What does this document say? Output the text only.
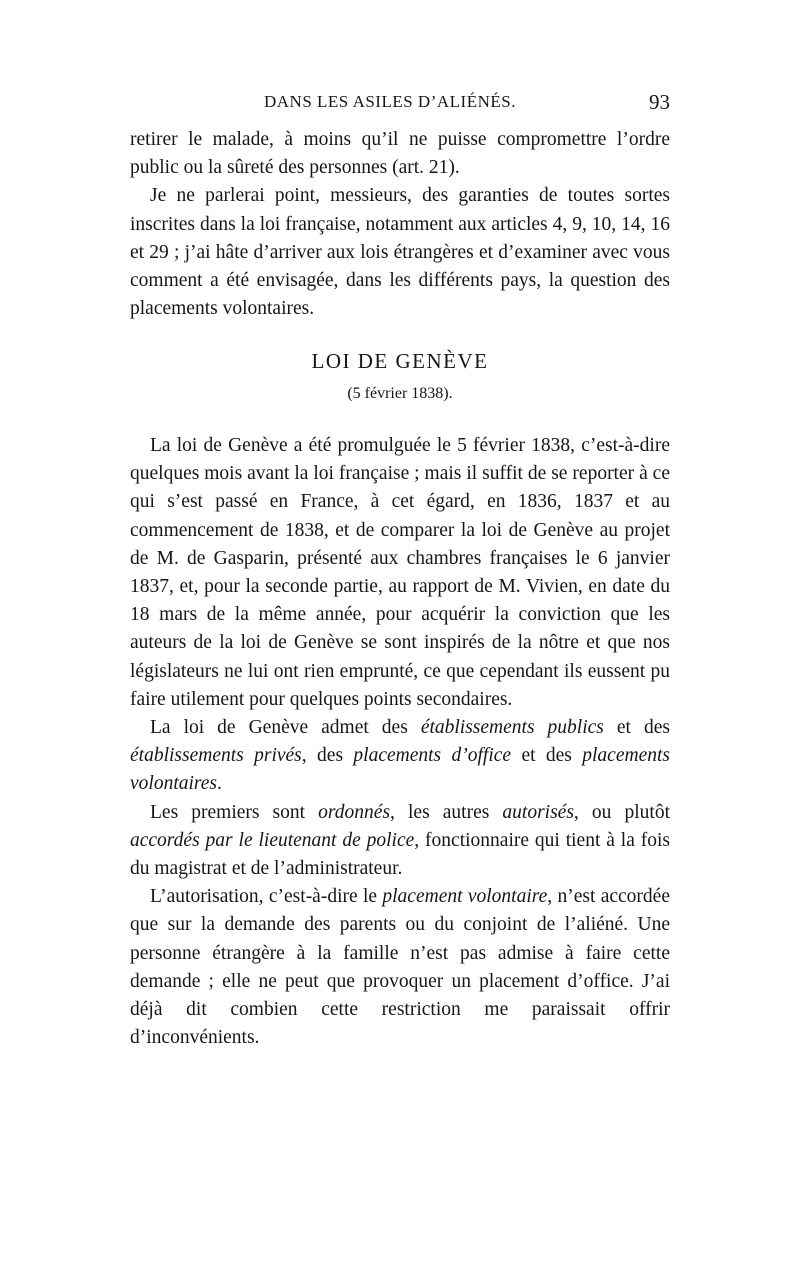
DANS LES ASILES D’ALIÉNÉS.	93

retirer le malade, à moins qu’il ne puisse compromettre l’ordre public ou la sûreté des personnes (art. 21).

Je ne parlerai point, messieurs, des garanties de toutes sortes inscrites dans la loi française, notamment aux articles 4, 9, 10, 14, 16 et 29 ; j’ai hâte d’arriver aux lois étrangères et d’examiner avec vous comment a été envisagée, dans les différents pays, la question des placements volontaires.

LOI DE GENÈVE
(5 février 1838).

La loi de Genève a été promulguée le 5 février 1838, c’est-à-dire quelques mois avant la loi française ; mais il suffit de se reporter à ce qui s’est passé en France, à cet égard, en 1836, 1837 et au commencement de 1838, et de comparer la loi de Genève au projet de M. de Gasparin, présenté aux chambres françaises le 6 janvier 1837, et, pour la seconde partie, au rapport de M. Vivien, en date du 18 mars de la même année, pour acquérir la conviction que les auteurs de la loi de Genève se sont inspirés de la nôtre et que nos législateurs ne lui ont rien emprunté, ce que cependant ils eussent pu faire utilement pour quelques points secondaires.

La loi de Genève admet des établissements publics et des établissements privés, des placements d’office et des placements volontaires.

Les premiers sont ordonnés, les autres autorisés, ou plutôt accordés par le lieutenant de police, fonctionnaire qui tient à la fois du magistrat et de l’administrateur.

L’autorisation, c’est-à-dire le placement volontaire, n’est accordée que sur la demande des parents ou du conjoint de l’aliéné. Une personne étrangère à la famille n’est pas admise à faire cette demande ; elle ne peut que provoquer un placement d’office. J’ai déjà dit combien cette restriction me paraissait offrir d’inconvénients.
